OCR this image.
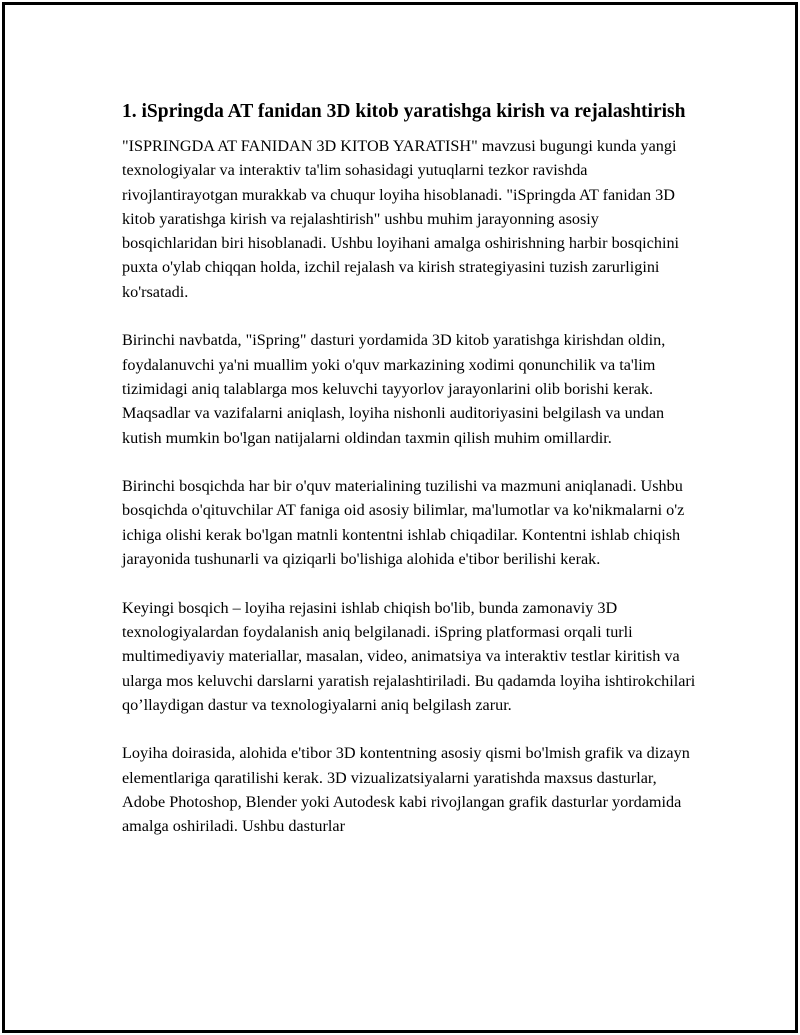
1. iSpringda AT fanidan 3D kitob yaratishga kirish va rejalashtirish

"ISPRINGDA AT FANIDAN 3D KITOB YARATISH" mavzusi bugungi kunda yangi texnologiyalar va interaktiv ta'lim sohasidagi yutuqlarni tezkor ravishda rivojlantirayotgan murakkab va chuqur loyiha hisoblanadi. "iSpringda AT fanidan 3D kitob yaratishga kirish va rejalashtirish" ushbu muhim jarayonning asosiy bosqichlaridan biri hisoblanadi. Ushbu loyihani amalga oshirishning harbir bosqichini puxta o'ylab chiqqan holda, izchil rejalash va kirish strategiyasini tuzish zarurligini ko'rsatadi.

Birinchi navbatda, "iSpring" dasturi yordamida 3D kitob yaratishga kirishdan oldin, foydalanuvchi ya'ni muallim yoki o'quv markazining xodimi qonunchilik va ta'lim tizimidagi aniq talablarga mos keluvchi tayyorlov jarayonlarini olib borishi kerak. Maqsadlar va vazifalarni aniqlash, loyiha nishonli auditoriyasini belgilash va undan kutish mumkin bo'lgan natijalarni oldindan taxmin qilish muhim omillardir.

Birinchi bosqichda har bir o'quv materialining tuzilishi va mazmuni aniqlanadi. Ushbu bosqichda o'qituvchilar AT faniga oid asosiy bilimlar, ma'lumotlar va ko'nikmalarni o'z ichiga olishi kerak bo'lgan matnli kontentni ishlab chiqadilar. Kontentni ishlab chiqish jarayonida tushunarli va qiziqarli bo'lishiga alohida e'tibor berilishi kerak.

Keyingi bosqich – loyiha rejasini ishlab chiqish bo'lib, bunda zamonaviy 3D texnologiyalardan foydalanish aniq belgilanadi. iSpring platformasi orqali turli multimediyaviy materiallar, masalan, video, animatsiya va interaktiv testlar kiritish va ularga mos keluvchi darslarni yaratish rejalashtiriladi. Bu qadamda loyiha ishtirokchilari qo’llaydigan dastur va texnologiyalarni aniq belgilash zarur.

Loyiha doirasida, alohida e'tibor 3D kontentning asosiy qismi bo'lmish grafik va dizayn elementlariga qaratilishi kerak. 3D vizualizatsiyalarni yaratishda maxsus dasturlar, Adobe Photoshop, Blender yoki Autodesk kabi rivojlangan grafik dasturlar yordamida amalga oshiriladi. Ushbu dasturlar
